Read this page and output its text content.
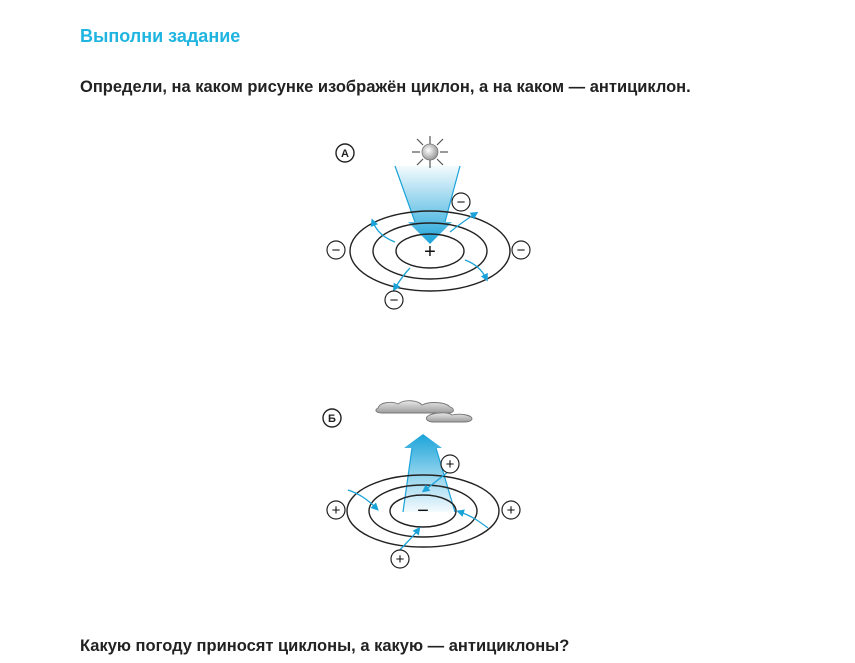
Выполни задание

Определи, на каком рисунке изображён циклон, а на каком — антициклон.

А
+
−
−	−
−
Б
−
+
+	+
+

Какую погоду приносят циклоны, а какую — антициклоны?
